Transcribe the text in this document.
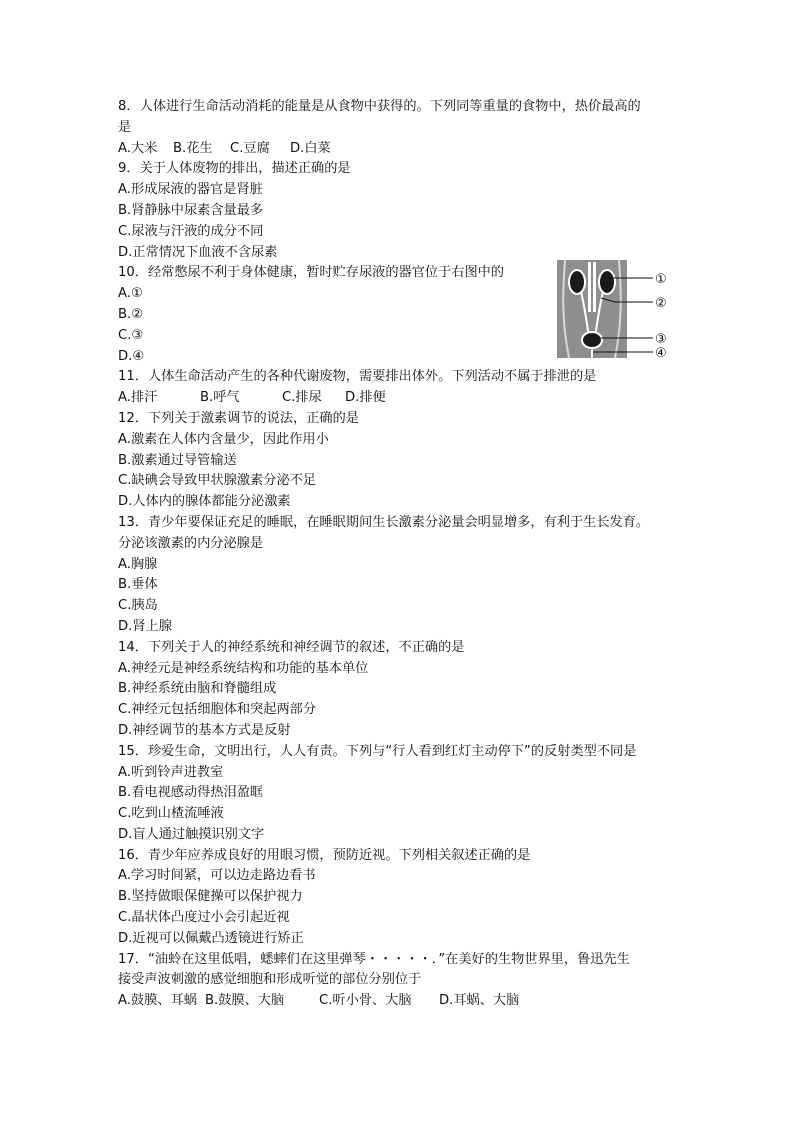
8．人体进行生命活动消耗的能量是从食物中获得的。下列同等重量的食物中，热价最高的
是
A.大米 B.花生 C.豆腐 D.白菜
9．关于人体废物的排出，描述正确的是
A.形成尿液的器官是肾脏
B.肾静脉中尿素含量最多
C.尿液与汗液的成分不同
D.正常情况下血液不含尿素
10．经常憋尿不利于身体健康，暂时贮存尿液的器官位于右图中的
A.①
B.②
C.③
D.④
11．人体生命活动产生的各种代谢废物，需要排出体外。下列活动不属于排泄的是
A.排汗	B.呼气	C.排尿 D.排便
12．下列关于激素调节的说法，正确的是
A.激素在人体内含量少，因此作用小
B.激素通过导管输送
C.缺碘会导致甲状腺激素分泌不足
D.人体内的腺体都能分泌激素
13．青少年要保证充足的睡眠，在睡眠期间生长激素分泌量会明显增多，有利于生长发育。
分泌该激素的内分泌腺是
A.胸腺
B.垂体
C.胰岛
D.肾上腺
14．下列关于人的神经系统和神经调节的叙述，不正确的是
A.神经元是神经系统结构和功能的基本单位
B.神经系统由脑和脊髓组成
C.神经元包括细胞体和突起两部分
D.神经调节的基本方式是反射
15．珍爱生命，文明出行，人人有责。下列与“行人看到红灯主动停下”的反射类型不同是
A.听到铃声进教室
B.看电视感动得热泪盈眶
C.吃到山楂流唾液
D.盲人通过触摸识别文字
16．青少年应养成良好的用眼习惯，预防近视。下列相关叙述正确的是
A.学习时间紧，可以边走路边看书
B.坚持做眼保健操可以保护视力
C.晶状体凸度过小会引起近视
D.近视可以佩戴凸透镜进行矫正
17．“油蛉在这里低唱，蟋蟀们在这里弹琴・・・・・．”在美好的生物世界里，鲁迅先生
接受声波刺激的感觉细胞和形成听觉的部位分别位于
A.鼓膜、耳蜗 B.鼓膜、大脑	C.听小骨、大脑 D.耳蜗、大脑
①
②
③
④
